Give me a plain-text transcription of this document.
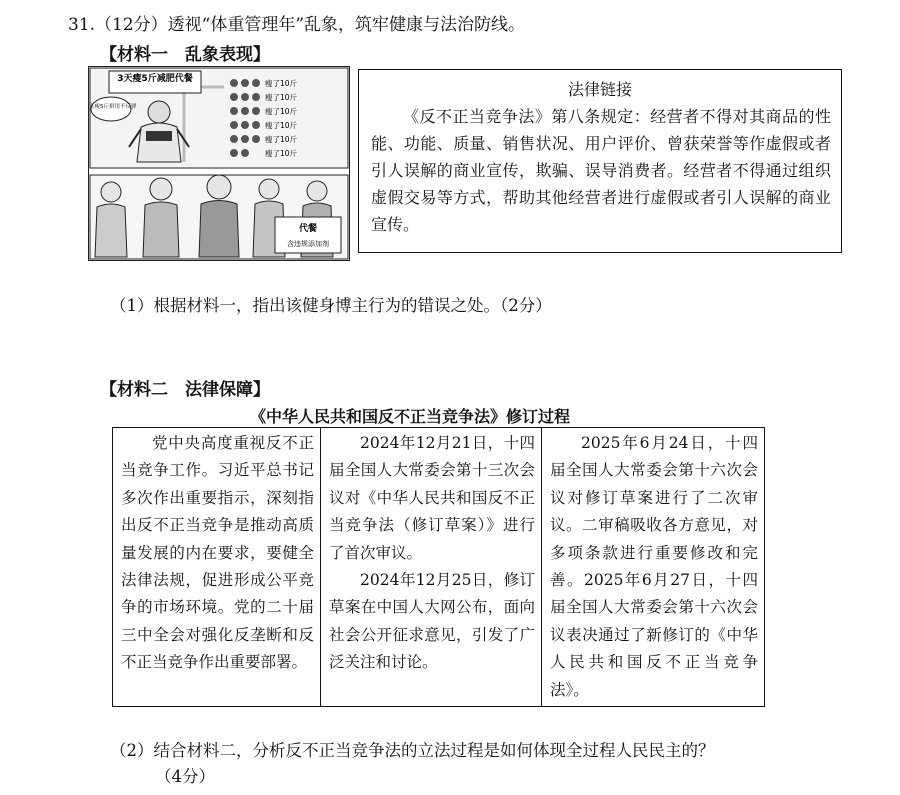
31.（12分）透视“体重管理年”乱象，筑牢健康与法治防线。
【材料一　乱象表现】
3天瘦5斤减肥代餐
3天瘦5斤拼用不反弹
瘦了10斤
瘦了10斤
瘦了10斤
瘦了10斤
瘦了10斤
瘦了10斤
代餐
含违规添加剂
法律链接
《反不正当竞争法》第八条规定：经营者不得对其商品的性能、功能、质量、销售状况、用户评价、曾获荣誉等作虚假或者引人误解的商业宣传，欺骗、误导消费者。经营者不得通过组织虚假交易等方式，帮助其他经营者进行虚假或者引人误解的商业宣传。
（1）根据材料一，指出该健身博主行为的错误之处。（2分）
【材料二　法律保障】
《中华人民共和国反不正当竞争法》修订过程
党中央高度重视反不正当竞争工作。习近平总书记多次作出重要指示，深刻指出反不正当竞争是推动高质量发展的内在要求，要健全法律法规，促进形成公平竞争的市场环境。党的二十届三中全会对强化反垄断和反不正当竞争作出重要部署。

2024年12月21日，十四届全国人大常委会第十三次会议对《中华人民共和国反不正当竞争法（修订草案）》进行了首次审议。
2024年12月25日，修订草案在中国人大网公布，面向社会公开征求意见，引发了广泛关注和讨论。

2025年6月24日，十四届全国人大常委会第十六次会议对修订草案进行了二次审议。二审稿吸收各方意见，对多项条款进行重要修改和完善。2025年6月27日，十四届全国人大常委会第十六次会议表决通过了新修订的《中华人民共和国反不正当竞争法》。
（2）结合材料二，分析反不正当竞争法的立法过程是如何体现全过程人民民主的？
（4分）
